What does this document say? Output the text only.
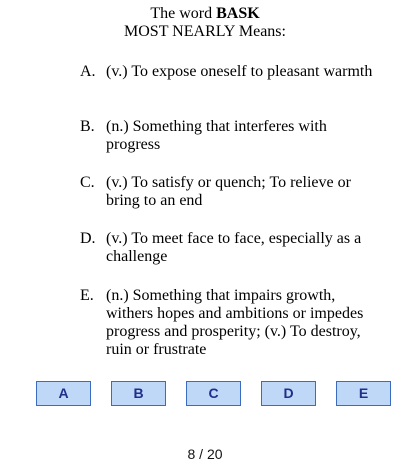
The word BASK
MOST NEARLY Means:
A. (v.) To expose oneself to pleasant warmth
B. (n.) Something that interferes with progress
C. (v.) To satisfy or quench; To relieve or bring to an end
D. (v.) To meet face to face, especially as a challenge
E. (n.) Something that impairs growth, withers hopes and ambitions or impedes progress and prosperity; (v.) To destroy, ruin or frustrate
A	B	C	D	E
8 / 20
